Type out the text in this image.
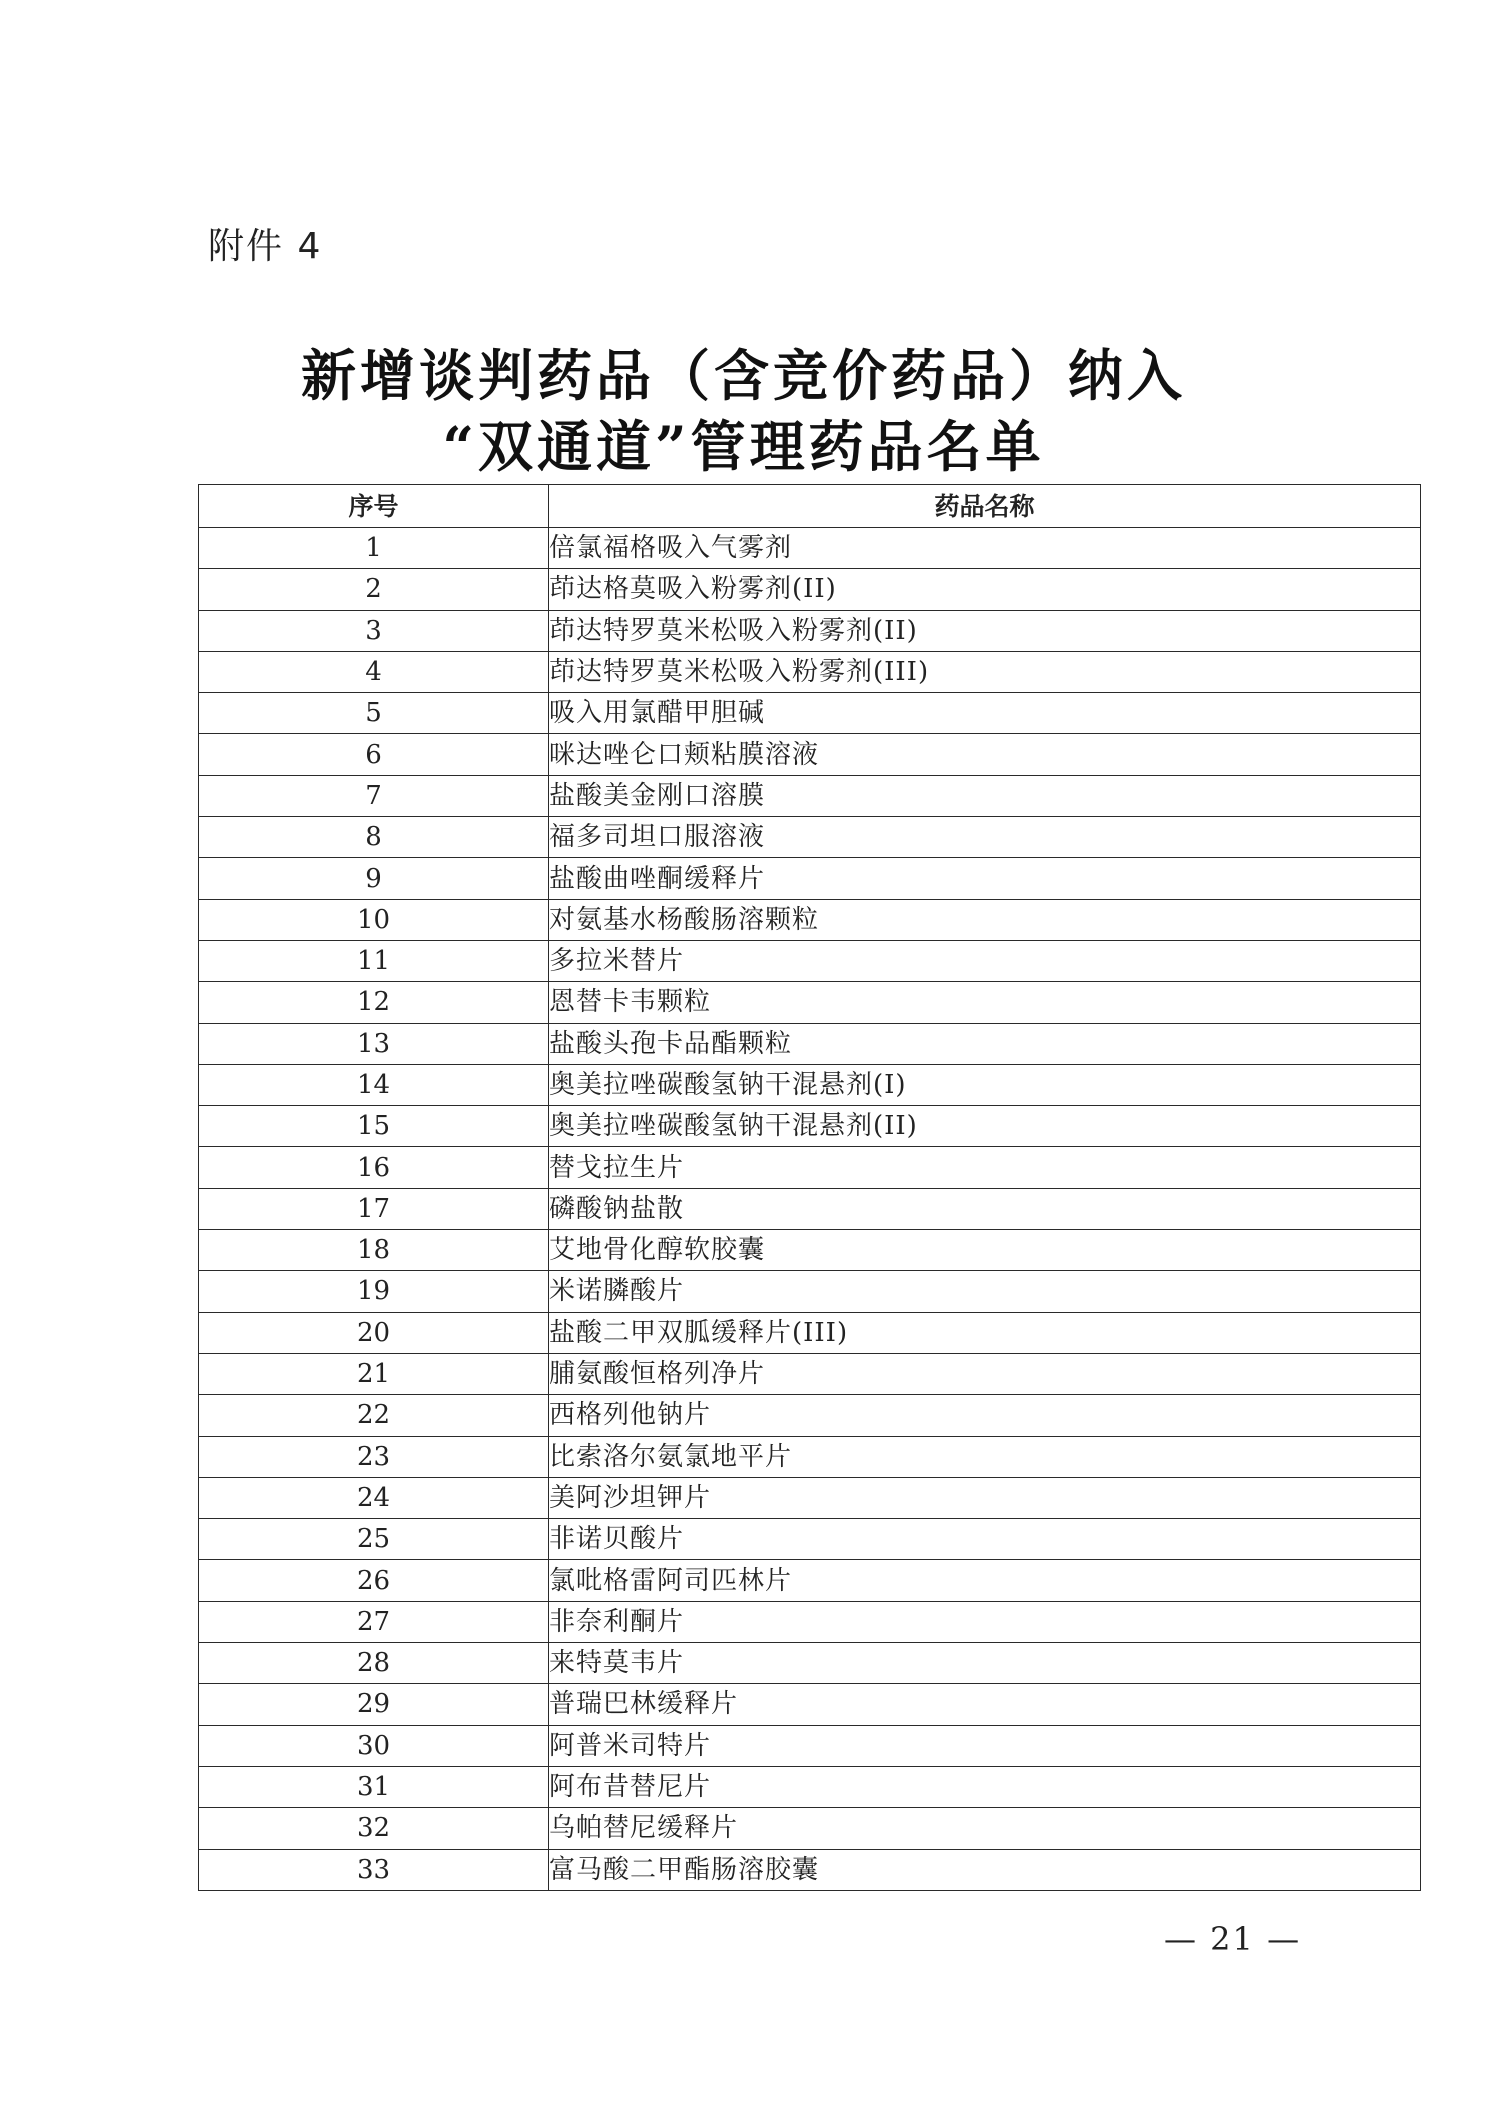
附件 4
新增谈判药品（含竞价药品）纳入
“双通道”管理药品名单
序号	药品名称
1	倍氯福格吸入气雾剂
2	茚达格莫吸入粉雾剂(II)
3	茚达特罗莫米松吸入粉雾剂(II)
4	茚达特罗莫米松吸入粉雾剂(III)
5	吸入用氯醋甲胆碱
6	咪达唑仑口颊粘膜溶液
7	盐酸美金刚口溶膜
8	福多司坦口服溶液
9	盐酸曲唑酮缓释片
10	对氨基水杨酸肠溶颗粒
11	多拉米替片
12	恩替卡韦颗粒
13	盐酸头孢卡品酯颗粒
14	奥美拉唑碳酸氢钠干混悬剂(I)
15	奥美拉唑碳酸氢钠干混悬剂(II)
16	替戈拉生片
17	磷酸钠盐散
18	艾地骨化醇软胶囊
19	米诺膦酸片
20	盐酸二甲双胍缓释片(III)
21	脯氨酸恒格列净片
22	西格列他钠片
23	比索洛尔氨氯地平片
24	美阿沙坦钾片
25	非诺贝酸片
26	氯吡格雷阿司匹林片
27	非奈利酮片
28	来特莫韦片
29	普瑞巴林缓释片
30	阿普米司特片
31	阿布昔替尼片
32	乌帕替尼缓释片
33	富马酸二甲酯肠溶胶囊
— 21 —
